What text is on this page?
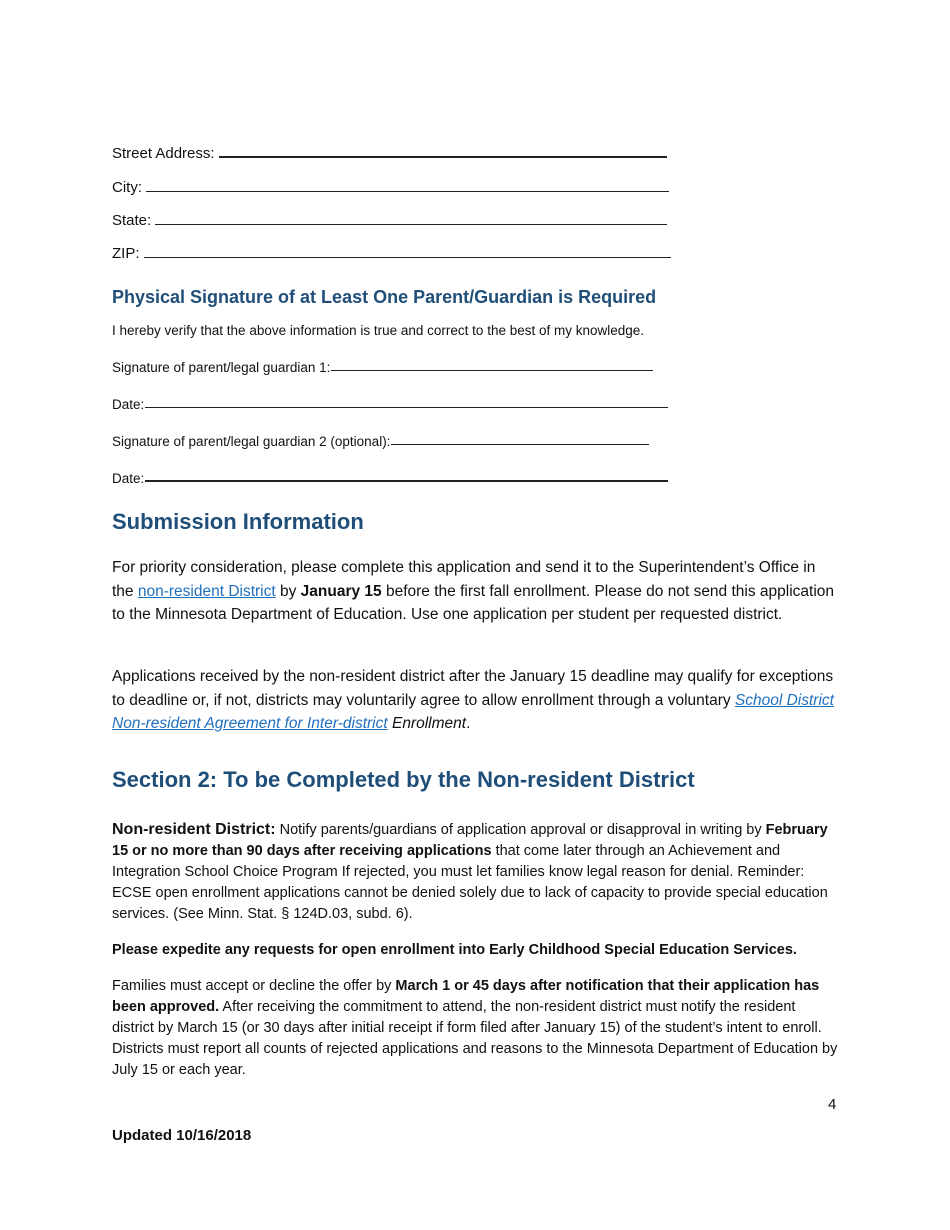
Street Address:
City:
State:
ZIP:
Physical Signature of at Least One Parent/Guardian is Required
I hereby verify that the above information is true and correct to the best of my knowledge.
Signature of parent/legal guardian 1:
Date:
Signature of parent/legal guardian 2 (optional):
Date:
Submission Information
For priority consideration, please complete this application and send it to the Superintendent’s Office in the non-resident District by January 15 before the first fall enrollment. Please do not send this application to the Minnesota Department of Education. Use one application per student per requested district.
Applications received by the non-resident district after the January 15 deadline may qualify for exceptions to deadline or, if not, districts may voluntarily agree to allow enrollment through a voluntary School District Non-resident Agreement for Inter-district Enrollment.
Section 2: To be Completed by the Non-resident District
Non-resident District: Notify parents/guardians of application approval or disapproval in writing by February 15 or no more than 90 days after receiving applications that come later through an Achievement and Integration School Choice Program If rejected, you must let families know legal reason for denial. Reminder: ECSE open enrollment applications cannot be denied solely due to lack of capacity to provide special education services. (See Minn. Stat. § 124D.03, subd. 6).
Please expedite any requests for open enrollment into Early Childhood Special Education Services.
Families must accept or decline the offer by March 1 or 45 days after notification that their application has been approved. After receiving the commitment to attend, the non-resident district must notify the resident district by March 15 (or 30 days after initial receipt if form filed after January 15) of the student’s intent to enroll. Districts must report all counts of rejected applications and reasons to the Minnesota Department of Education by July 15 or each year.
4
Updated 10/16/2018
